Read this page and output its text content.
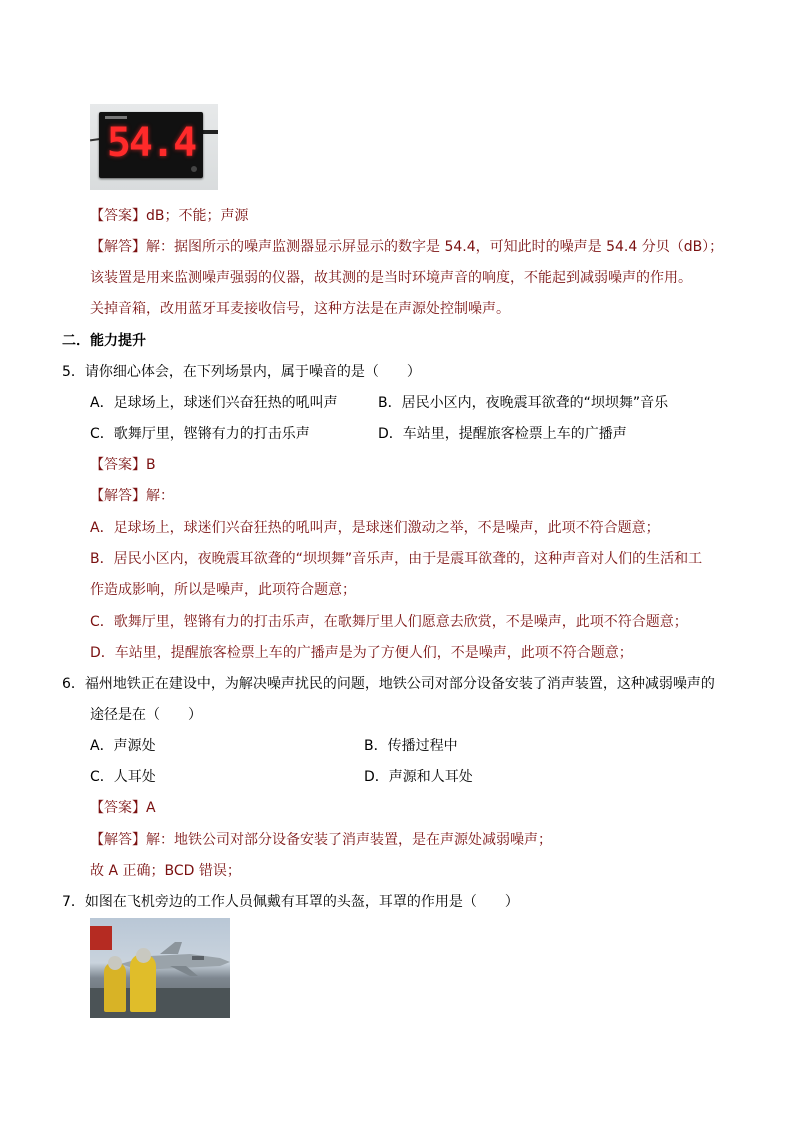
54.4
【答案】dB；不能；声源
【解答】解：据图所示的噪声监测器显示屏显示的数字是 54.4，可知此时的噪声是 54.4 分贝（dB）；
该装置是用来监测噪声强弱的仪器，故其测的是当时环境声音的响度，不能起到减弱噪声的作用。
关掉音箱，改用蓝牙耳麦接收信号，这种方法是在声源处控制噪声。
二．能力提升
5．请你细心体会，在下列场景内，属于噪音的是（　　）
A．足球场上，球迷们兴奋狂热的吼叫声	B．居民小区内，夜晚震耳欲聋的“坝坝舞”音乐
C．歌舞厅里，铿锵有力的打击乐声	D．车站里，提醒旅客检票上车的广播声
【答案】B
【解答】解：
A．足球场上，球迷们兴奋狂热的吼叫声，是球迷们激动之举，不是噪声，此项不符合题意；
B．居民小区内，夜晚震耳欲聋的“坝坝舞”音乐声，由于是震耳欲聋的，这种声音对人们的生活和工
作造成影响，所以是噪声，此项符合题意；
C．歌舞厅里，铿锵有力的打击乐声，在歌舞厅里人们愿意去欣赏，不是噪声，此项不符合题意；
D．车站里，提醒旅客检票上车的广播声是为了方便人们，不是噪声，此项不符合题意；
6．福州地铁正在建设中，为解决噪声扰民的问题，地铁公司对部分设备安装了消声装置，这种减弱噪声的
途径是在（　　）
A．声源处	B．传播过程中
C．人耳处	D．声源和人耳处
【答案】A
【解答】解：地铁公司对部分设备安装了消声装置，是在声源处减弱噪声；
故 A 正确；BCD 错误；
7．如图在飞机旁边的工作人员佩戴有耳罩的头盔，耳罩的作用是（　　）
